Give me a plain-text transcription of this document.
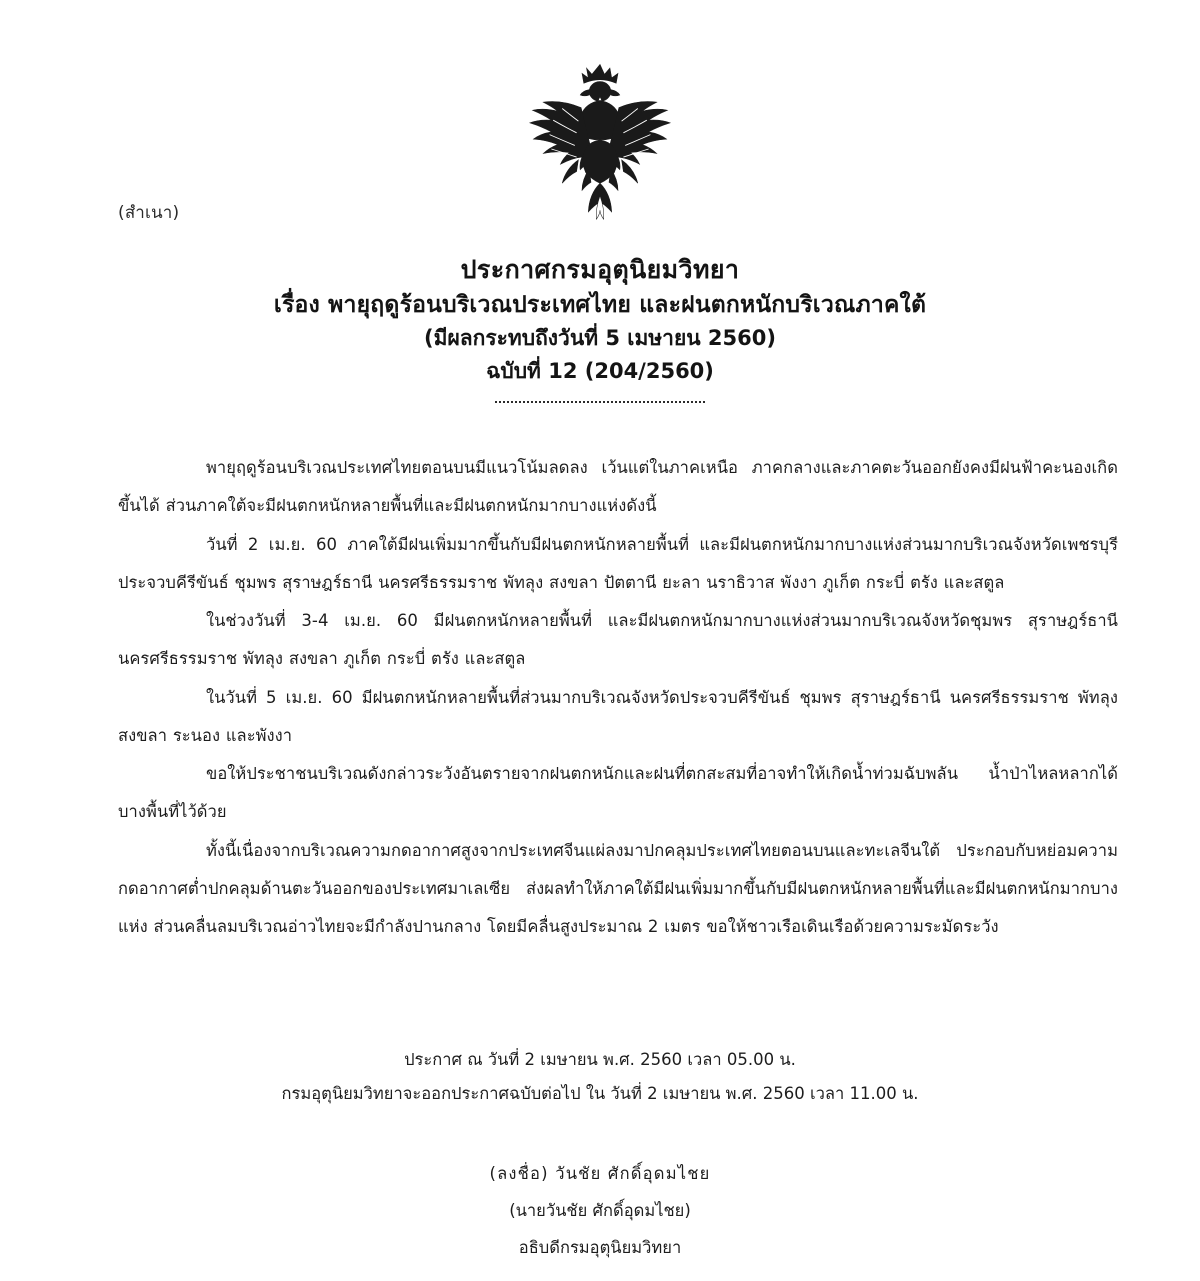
(สำเนา)
ประกาศกรมอุตุนิยมวิทยา
เรื่อง พายุฤดูร้อนบริเวณประเทศไทย และฝนตกหนักบริเวณภาคใต้
(มีผลกระทบถึงวันที่ 5 เมษายน 2560)
ฉบับที่ 12 (204/2560)

พายุฤดูร้อนบริเวณประเทศไทยตอนบนมีแนวโน้มลดลง เว้นแต่ในภาคเหนือ ภาคกลางและภาคตะวันออกยังคงมีฝนฟ้าคะนองเกิดขึ้นได้ ส่วนภาคใต้จะมีฝนตกหนักหลายพื้นที่และมีฝนตกหนักมากบางแห่งดังนี้

วันที่ 2 เม.ย. 60 ภาคใต้มีฝนเพิ่มมากขึ้นกับมีฝนตกหนักหลายพื้นที่ และมีฝนตกหนักมากบางแห่งส่วนมากบริเวณจังหวัดเพชรบุรี ประจวบคีรีขันธ์ ชุมพร สุราษฎร์ธานี นครศรีธรรมราช พัทลุง สงขลา ปัตตานี ยะลา นราธิวาส พังงา ภูเก็ต กระบี่ ตรัง และสตูล

ในช่วงวันที่ 3-4 เม.ย. 60 มีฝนตกหนักหลายพื้นที่ และมีฝนตกหนักมากบางแห่งส่วนมากบริเวณจังหวัดชุมพร สุราษฎร์ธานี นครศรีธรรมราช พัทลุง สงขลา ภูเก็ต กระบี่ ตรัง และสตูล

ในวันที่ 5 เม.ย. 60 มีฝนตกหนักหลายพื้นที่ส่วนมากบริเวณจังหวัดประจวบคีรีขันธ์ ชุมพร สุราษฎร์ธานี นครศรีธรรมราช พัทลุง สงขลา ระนอง และพังงา

ขอให้ประชาชนบริเวณดังกล่าวระวังอันตรายจากฝนตกหนักและฝนที่ตกสะสมที่อาจทำให้เกิดน้ำท่วมฉับพลัน น้ำป่าไหลหลากได้บางพื้นที่ไว้ด้วย

ทั้งนี้เนื่องจากบริเวณความกดอากาศสูงจากประเทศจีนแผ่ลงมาปกคลุมประเทศไทยตอนบนและทะเลจีนใต้ ประกอบกับหย่อมความกดอากาศต่ำปกคลุมด้านตะวันออกของประเทศมาเลเซีย ส่งผลทำให้ภาคใต้มีฝนเพิ่มมากขึ้นกับมีฝนตกหนักหลายพื้นที่และมีฝนตกหนักมากบางแห่ง ส่วนคลื่นลมบริเวณอ่าวไทยจะมีกำลังปานกลาง โดยมีคลื่นสูงประมาณ 2 เมตร ขอให้ชาวเรือเดินเรือด้วยความระมัดระวัง

ประกาศ ณ วันที่ 2 เมษายน พ.ศ. 2560 เวลา 05.00 น.
กรมอุตุนิยมวิทยาจะออกประกาศฉบับต่อไป ใน วันที่ 2 เมษายน พ.ศ. 2560 เวลา 11.00 น.
(ลงชื่อ) วันชัย ศักดิ์อุดมไชย
(นายวันชัย ศักดิ์อุดมไชย)
อธิบดีกรมอุตุนิยมวิทยา
